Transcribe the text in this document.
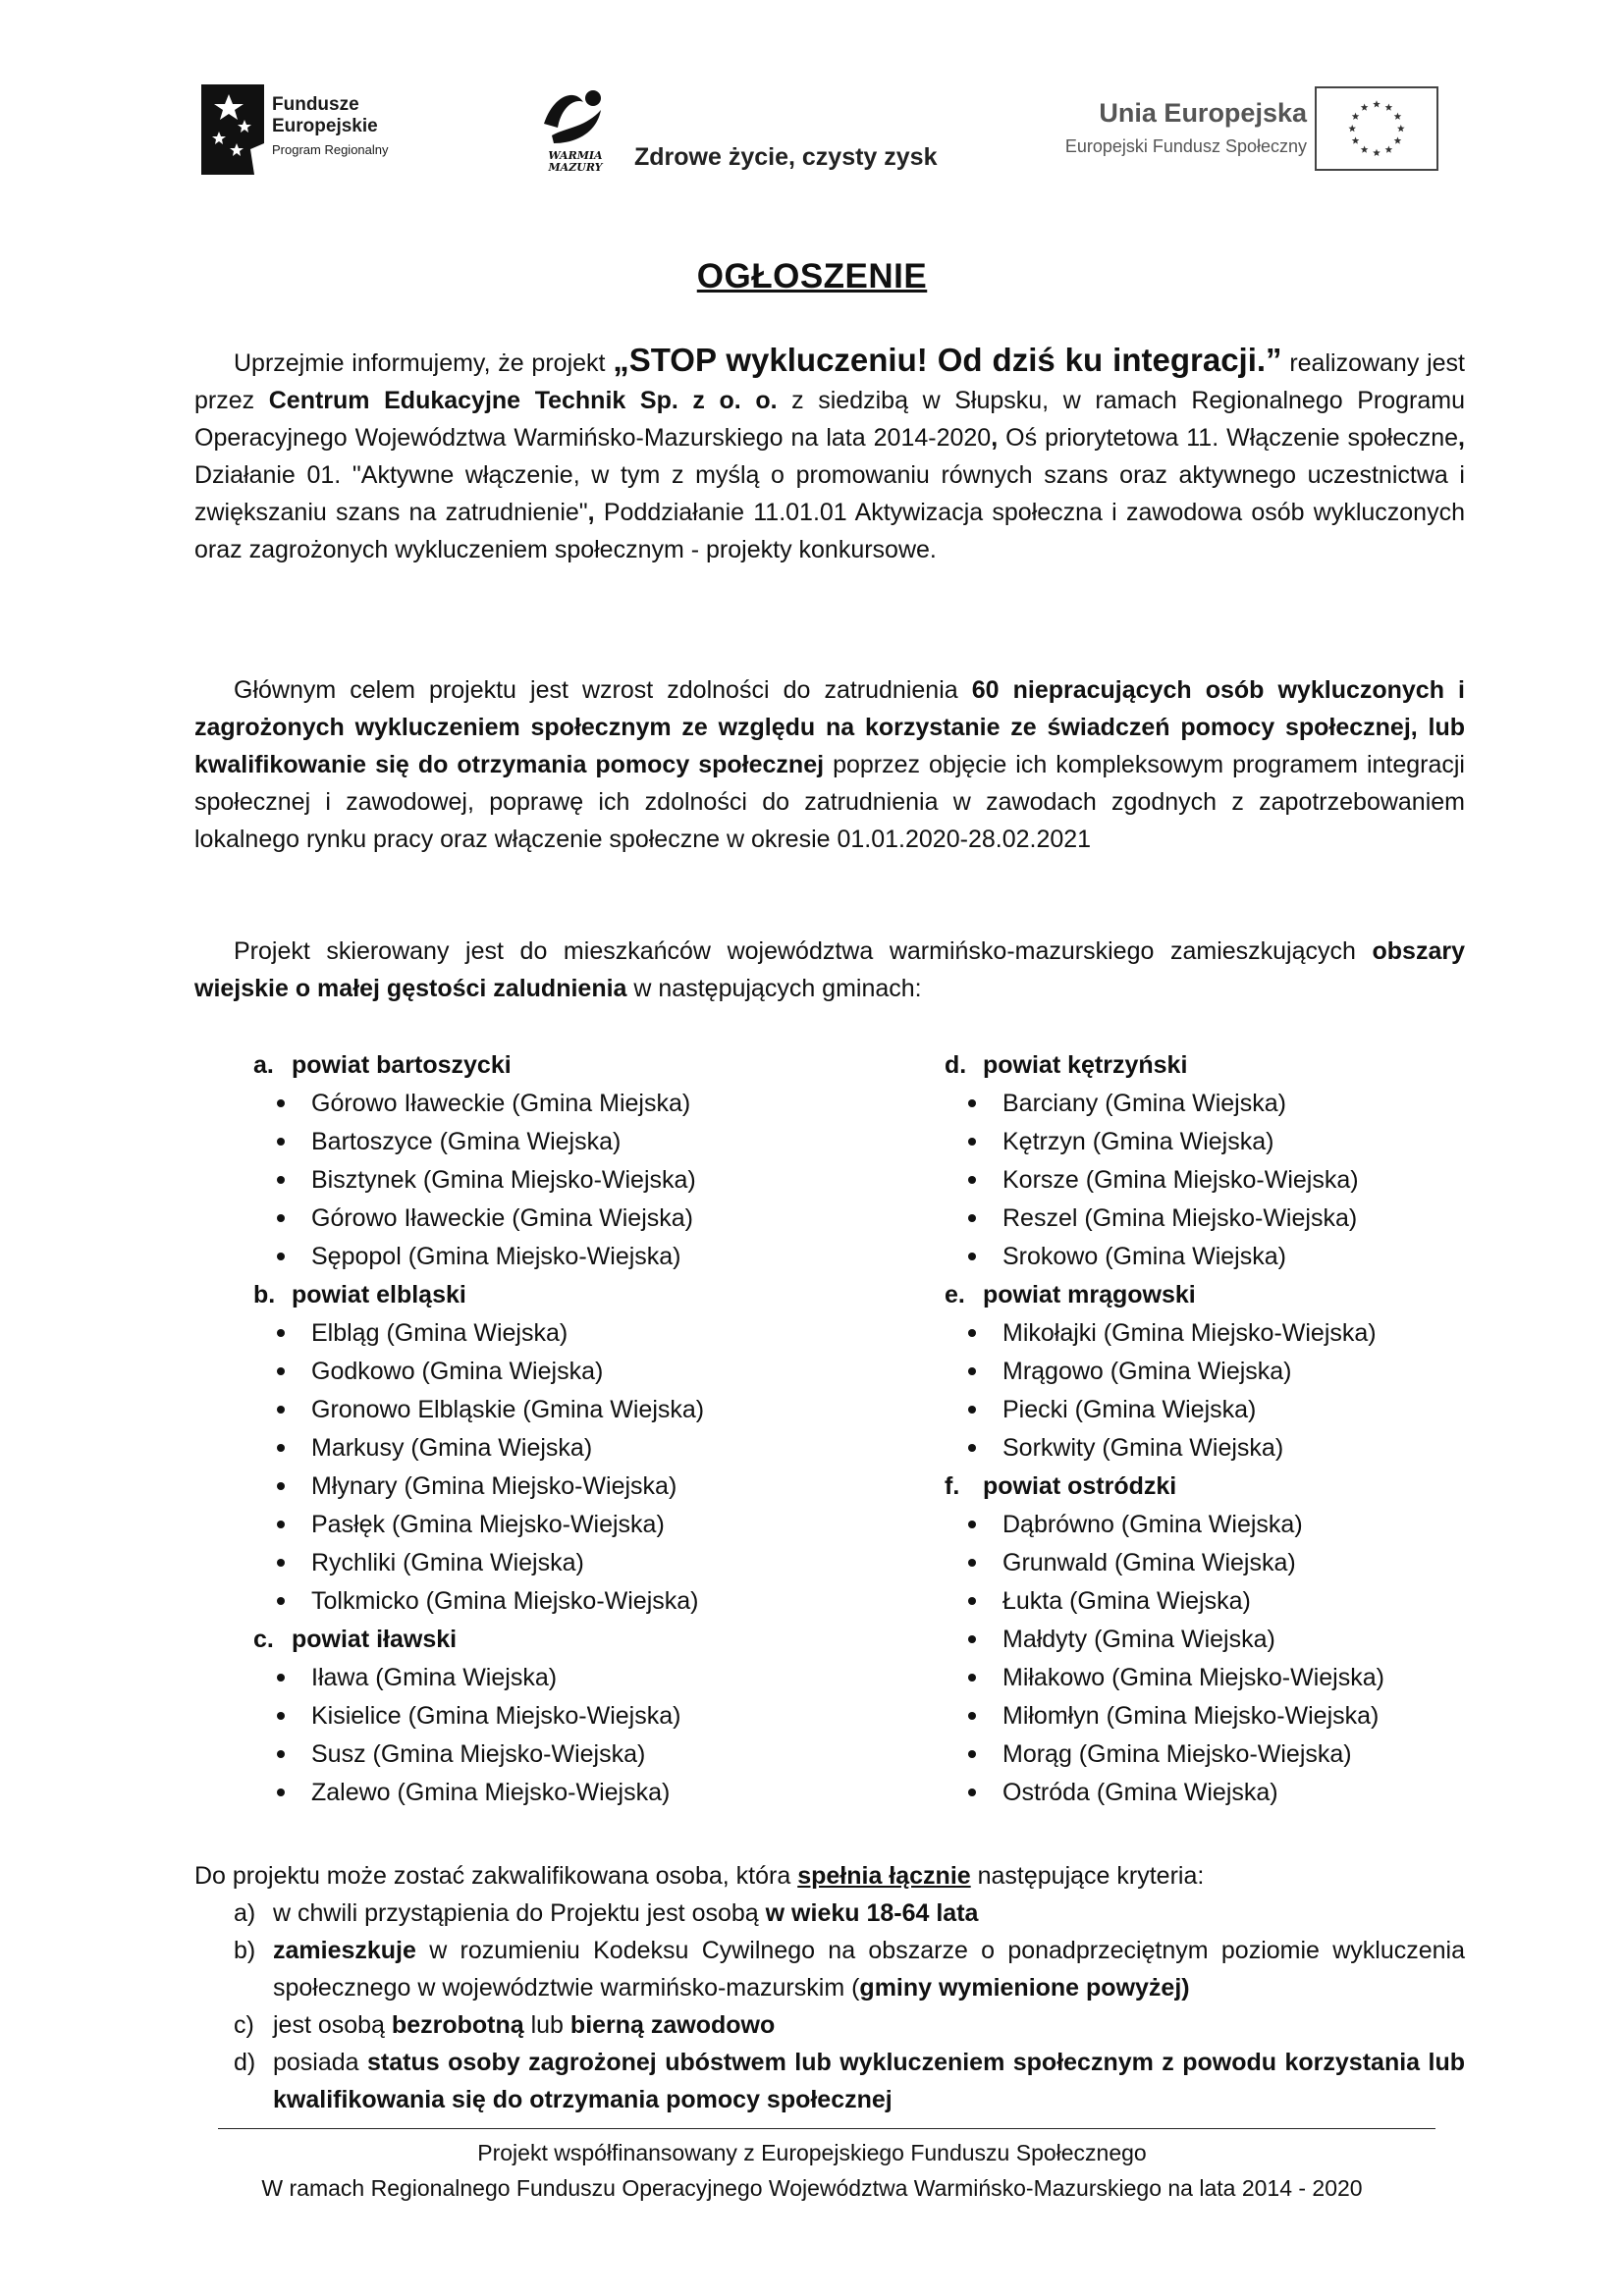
Fundusze
Europejskie
Program Regionalny	WARMIA
MAZURY Zdrowe życie, czysty zysk
Unia Europejska
Europejski Fundusz Społeczny
OGŁOSZENIE
Uprzejmie informujemy, że projekt „STOP wykluczeniu! Od dziś ku integracji.” realizowany jest przez Centrum Edukacyjne Technik Sp. z o. o. z siedzibą w Słupsku, w ramach Regionalnego Programu Operacyjnego Województwa Warmińsko-Mazurskiego na lata 2014-2020, Oś priorytetowa 11. Włączenie społeczne, Działanie 01. "Aktywne włączenie, w tym z myślą o promowaniu równych szans oraz aktywnego uczestnictwa i zwiększaniu szans na zatrudnienie", Poddziałanie 11.01.01 Aktywizacja społeczna i zawodowa osób wykluczonych oraz zagrożonych wykluczeniem społecznym - projekty konkursowe.
Głównym celem projektu jest wzrost zdolności do zatrudnienia 60 niepracujących osób wykluczonych i zagrożonych wykluczeniem społecznym ze względu na korzystanie ze świadczeń pomocy społecznej, lub kwalifikowanie się do otrzymania pomocy społecznej poprzez objęcie ich kompleksowym programem integracji społecznej i zawodowej, poprawę ich zdolności do zatrudnienia w zawodach zgodnych z zapotrzebowaniem lokalnego rynku pracy oraz włączenie społeczne w okresie 01.01.2020-28.02.2021
Projekt skierowany jest do mieszkańców województwa warmińsko-mazurskiego zamieszkujących obszary wiejskie o małej gęstości zaludnienia w następujących gminach:
a. powiat bartoszycki
Górowo Iławeckie (Gmina Miejska)
Bartoszyce (Gmina Wiejska)
Bisztynek (Gmina Miejsko-Wiejska)
Górowo Iławeckie (Gmina Wiejska)
Sępopol (Gmina Miejsko-Wiejska)
b. powiat elbląski
Elbląg (Gmina Wiejska)
Godkowo (Gmina Wiejska)
Gronowo Elbląskie (Gmina Wiejska)
Markusy (Gmina Wiejska)
Młynary (Gmina Miejsko-Wiejska)
Pasłęk (Gmina Miejsko-Wiejska)
Rychliki (Gmina Wiejska)
Tolkmicko (Gmina Miejsko-Wiejska)
c. powiat iławski
Iława (Gmina Wiejska)
Kisielice (Gmina Miejsko-Wiejska)
Susz (Gmina Miejsko-Wiejska)
Zalewo (Gmina Miejsko-Wiejska)
d. powiat kętrzyński
Barciany (Gmina Wiejska)
Kętrzyn (Gmina Wiejska)
Korsze (Gmina Miejsko-Wiejska)
Reszel (Gmina Miejsko-Wiejska)
Srokowo (Gmina Wiejska)
e. powiat mrągowski
Mikołajki (Gmina Miejsko-Wiejska)
Mrągowo (Gmina Wiejska)
Piecki (Gmina Wiejska)
Sorkwity (Gmina Wiejska)
f. powiat ostródzki
Dąbrówno (Gmina Wiejska)
Grunwald (Gmina Wiejska)
Łukta (Gmina Wiejska)
Małdyty (Gmina Wiejska)
Miłakowo (Gmina Miejsko-Wiejska)
Miłomłyn (Gmina Miejsko-Wiejska)
Morąg (Gmina Miejsko-Wiejska)
Ostróda (Gmina Wiejska)
Do projektu może zostać zakwalifikowana osoba, która spełnia łącznie następujące kryteria:
a) w chwili przystąpienia do Projektu jest osobą w wieku 18-64 lata
b) zamieszkuje w rozumieniu Kodeksu Cywilnego na obszarze o ponadprzeciętnym poziomie wykluczenia społecznego w województwie warmińsko-mazurskim (gminy wymienione powyżej)
c) jest osobą bezrobotną lub bierną zawodowo
d) posiada status osoby zagrożonej ubóstwem lub wykluczeniem społecznym z powodu korzystania lub kwalifikowania się do otrzymania pomocy społecznej
Projekt współfinansowany z Europejskiego Funduszu Społecznego
W ramach Regionalnego Funduszu Operacyjnego Województwa Warmińsko-Mazurskiego na lata 2014 - 2020
